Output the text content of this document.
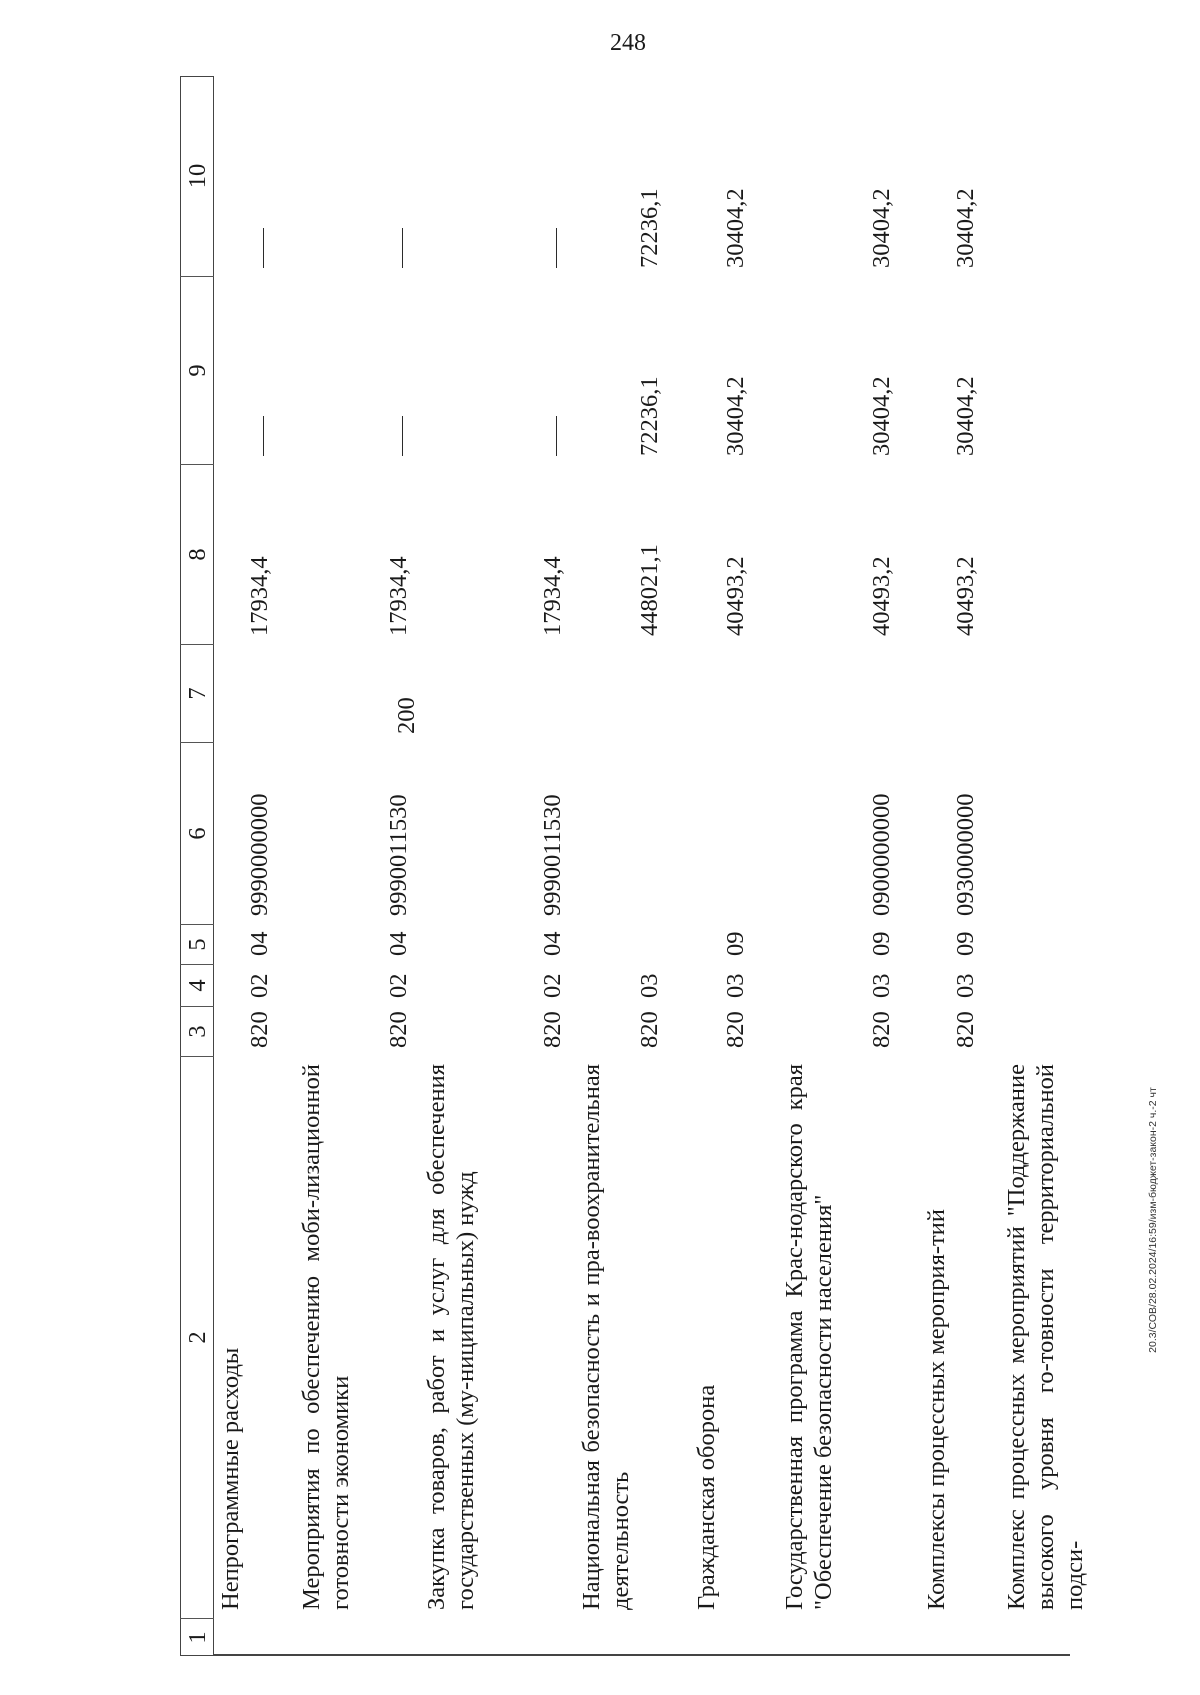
248
20.3/СОВ/28.02.2024/16:59/изм-бюджет-закон-2 ч.-2 чт
1
2
3
4
5
6
7
8
9
10
Непрограммные расходы
820
02
04
9990000000
17934,4
Мероприятия по обеспечению моби-лизационной готовности экономики
820
02
04
9990011530
17934,4
Закупка товаров, работ и услуг для обеспечения государственных (му-ниципальных) нужд
820
02
04
9990011530
200
17934,4
Национальная безопасность и пра-воохранительная деятельность
820
03
448021,1
72236,1
72236,1
Гражданская оборона
820
03
09
40493,2
30404,2
30404,2
Государственная программа Крас-нодарского края "Обеспечение безопасности населения"
820
03
09
0900000000
40493,2
30404,2
30404,2
Комплексы процессных мероприя-тий
820
03
09
0930000000
40493,2
30404,2
30404,2
Комплекс процессных мероприятий "Поддержание высокого уровня го-товности территориальной подси-
